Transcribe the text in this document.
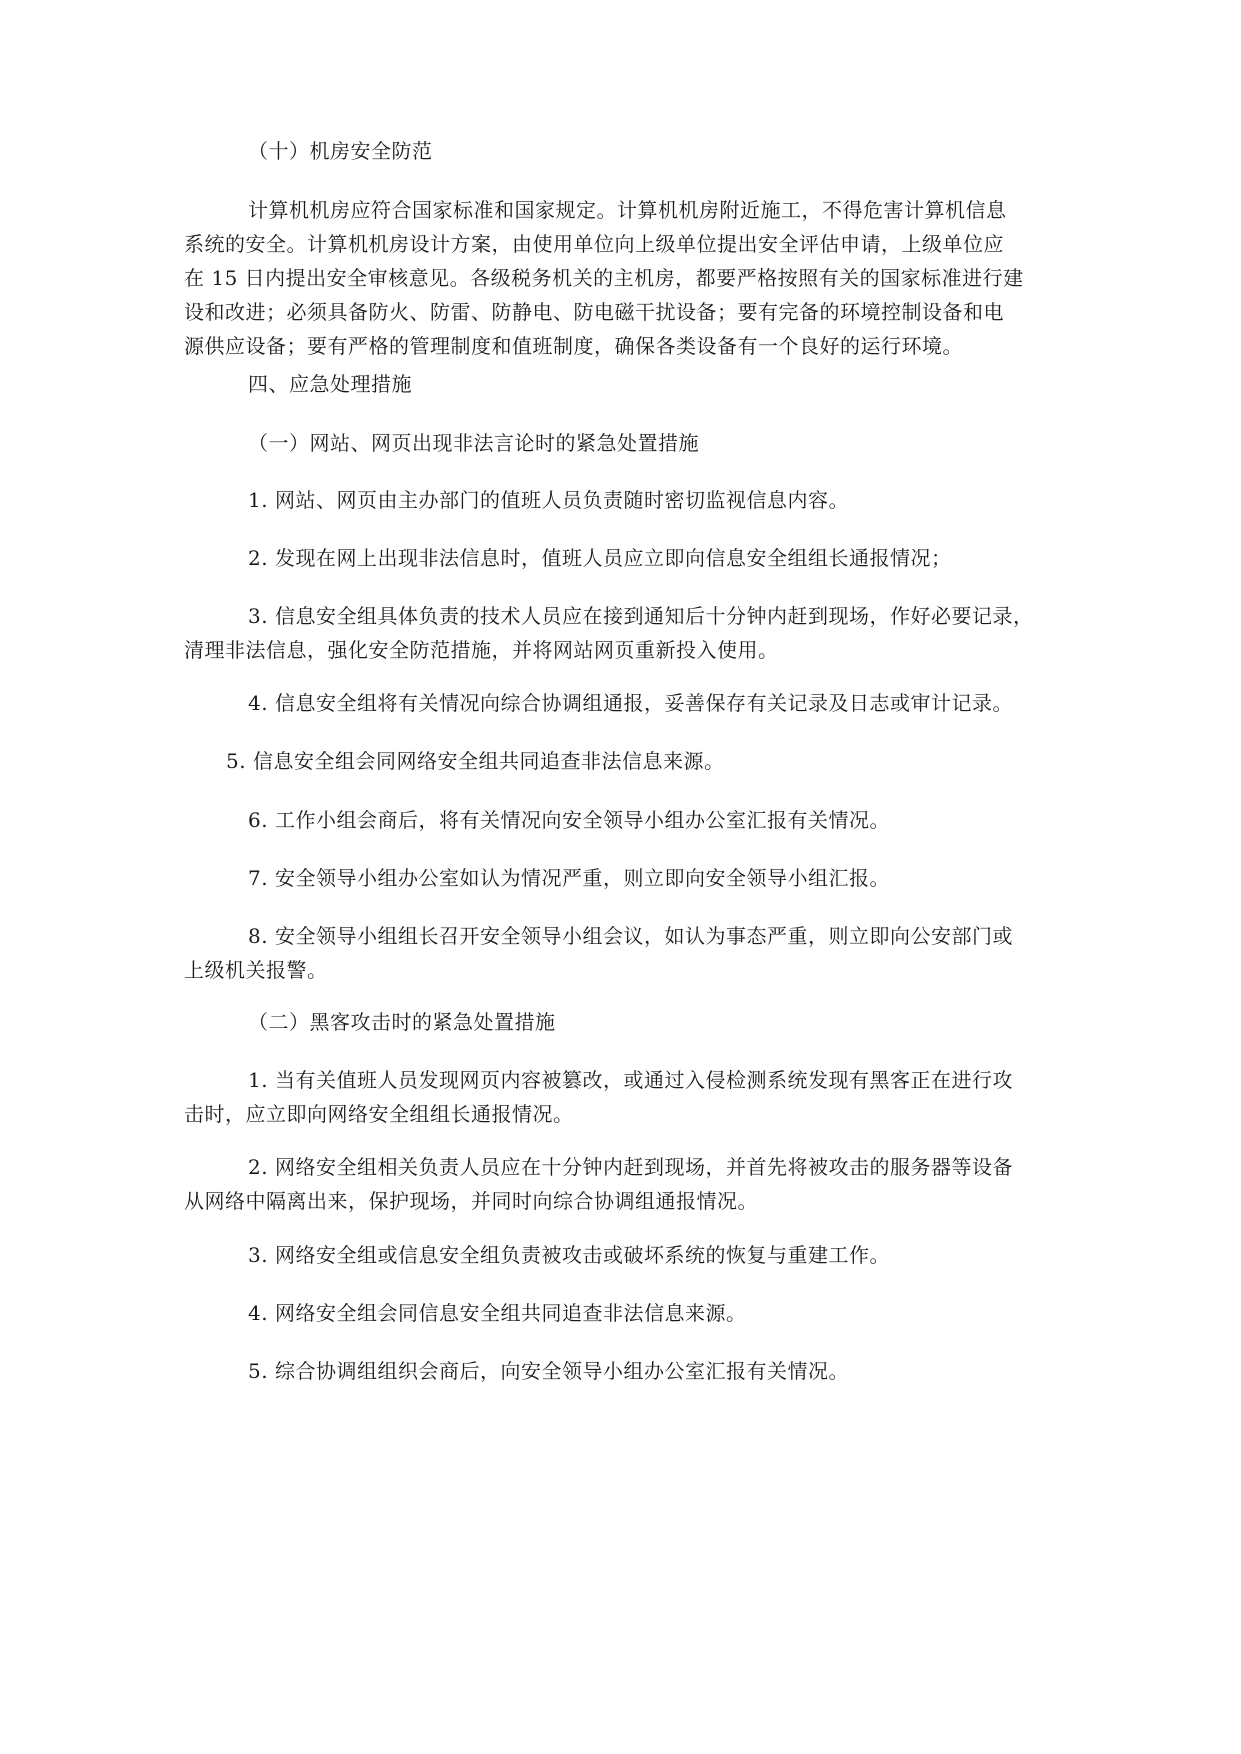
（十）机房安全防范

计算机机房应符合国家标准和国家规定。计算机机房附近施工，不得危害计算机信息
系统的安全。计算机机房设计方案，由使用单位向上级单位提出安全评估申请，上级单位应
在 15 日内提出安全审核意见。各级税务机关的主机房，都要严格按照有关的国家标准进行建
设和改进；必须具备防火、防雷、防静电、防电磁干扰设备；要有完备的环境控制设备和电
源供应设备；要有严格的管理制度和值班制度，确保各类设备有一个良好的运行环境。

四、应急处理措施

（一）网站、网页出现非法言论时的紧急处置措施

1. 网站、网页由主办部门的值班人员负责随时密切监视信息内容。

2. 发现在网上出现非法信息时，值班人员应立即向信息安全组组长通报情况；

3. 信息安全组具体负责的技术人员应在接到通知后十分钟内赶到现场，作好必要记录，
清理非法信息，强化安全防范措施，并将网站网页重新投入使用。

4. 信息安全组将有关情况向综合协调组通报，妥善保存有关记录及日志或审计记录。

5. 信息安全组会同网络安全组共同追查非法信息来源。

6. 工作小组会商后，将有关情况向安全领导小组办公室汇报有关情况。

7. 安全领导小组办公室如认为情况严重，则立即向安全领导小组汇报。

8. 安全领导小组组长召开安全领导小组会议，如认为事态严重，则立即向公安部门或
上级机关报警。

（二）黑客攻击时的紧急处置措施

1. 当有关值班人员发现网页内容被篡改，或通过入侵检测系统发现有黑客正在进行攻
击时，应立即向网络安全组组长通报情况。

2. 网络安全组相关负责人员应在十分钟内赶到现场，并首先将被攻击的服务器等设备
从网络中隔离出来，保护现场，并同时向综合协调组通报情况。

3. 网络安全组或信息安全组负责被攻击或破坏系统的恢复与重建工作。

4. 网络安全组会同信息安全组共同追查非法信息来源。

5. 综合协调组组织会商后，向安全领导小组办公室汇报有关情况。
